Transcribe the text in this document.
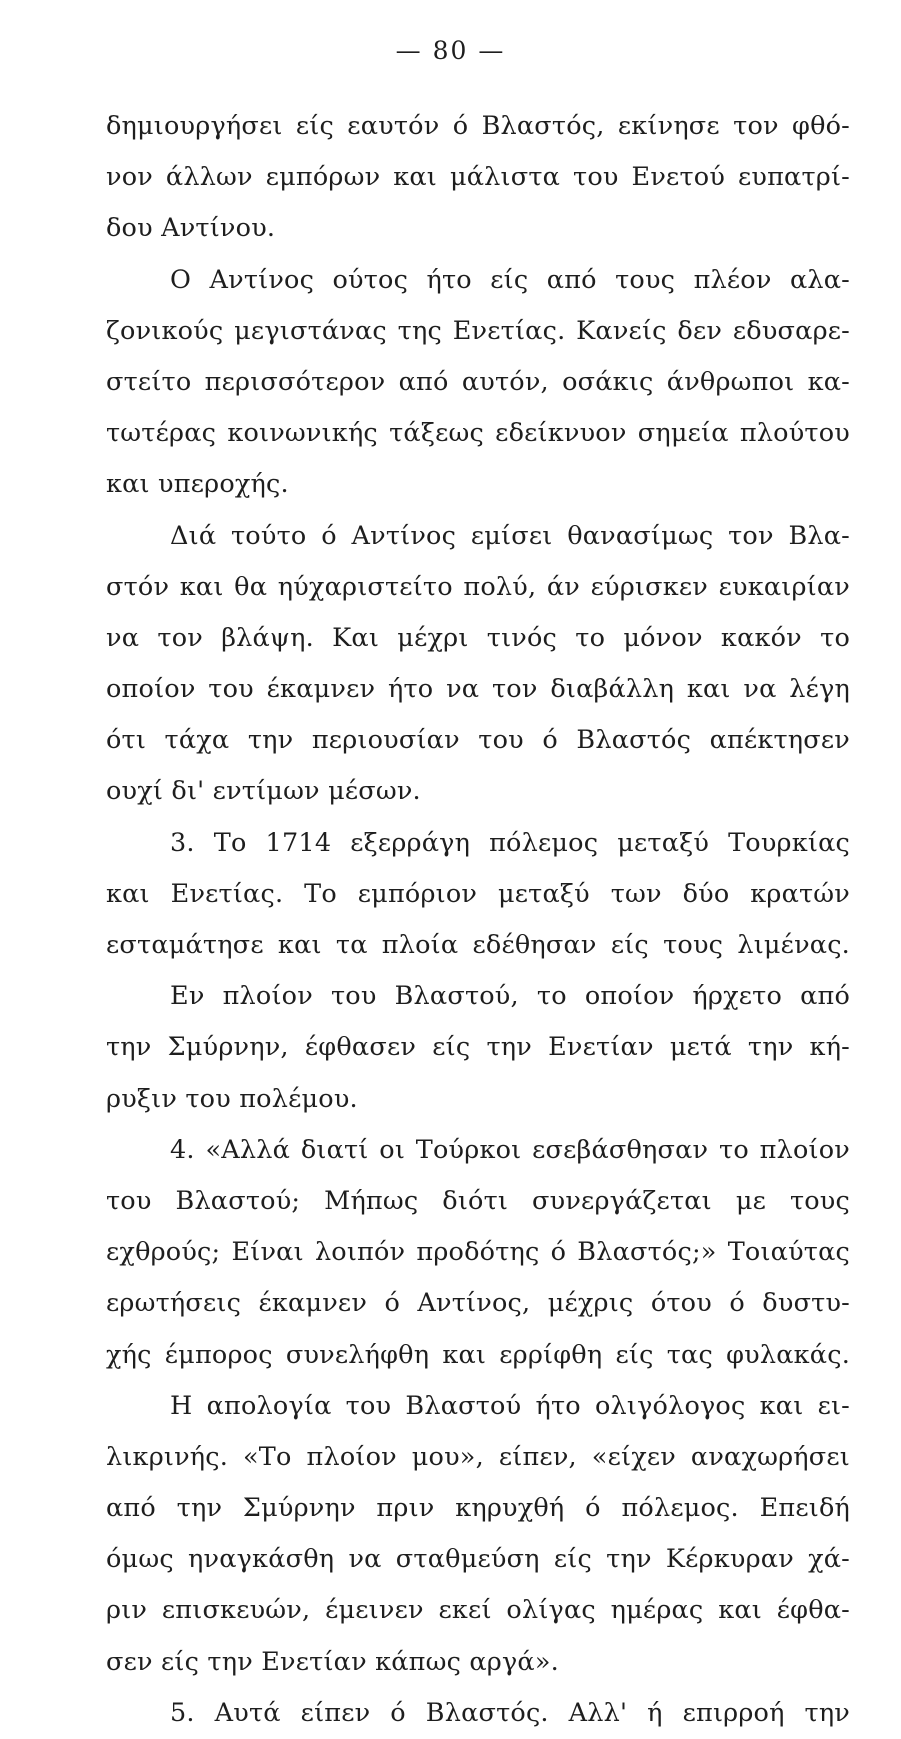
— 80 —
δημιουργήσει είς εαυτόν ό Βλαστός, εκίνησε τον φθό-
νον άλλων εμπόρων και μάλιστα του Ενετού ευπατρί-
δου Αντίνου.
Ο Αντίνος ούτος ήτο είς από τους πλέον αλα-
ζονικούς μεγιστάνας της Ενετίας. Κανείς δεν εδυσαρε-
στείτο περισσότερον από αυτόν, οσάκις άνθρωποι κα-
τωτέρας κοινωνικής τάξεως εδείκνυον σημεία πλούτου
και υπεροχής.
Διά τούτο ό Αντίνος εμίσει θανασίμως τον Βλα-
στόν και θα ηύχαριστείτο πολύ, άν εύρισκεν ευκαιρίαν
να τον βλάψη. Και μέχρι τινός το μόνον κακόν το
οποίον του έκαμνεν ήτο να τον διαβάλλη και να λέγη
ότι τάχα την περιουσίαν του ό Βλαστός απέκτησεν
ουχί δι' εντίμων μέσων.
3. Το 1714 εξερράγη πόλεμος μεταξύ Τουρκίας
και Ενετίας. Το εμπόριον μεταξύ των δύο κρατών
εσταμάτησε και τα πλοία εδέθησαν είς τους λιμένας.
Εν πλοίον του Βλαστού, το οποίον ήρχετο από
την Σμύρνην, έφθασεν είς την Ενετίαν μετά την κή-
ρυξιν του πολέμου.
4. «Αλλά διατί οι Τούρκοι εσεβάσθησαν το πλοίον
του Βλαστού; Μήπως διότι συνεργάζεται με τους
εχθρούς; Είναι λοιπόν προδότης ό Βλαστός;» Τοιαύτας
ερωτήσεις έκαμνεν ό Αντίνος, μέχρις ότου ό δυστυ-
χής έμπορος συνελήφθη και ερρίφθη είς τας φυλακάς.
Η απολογία του Βλαστού ήτο ολιγόλογος και ει-
λικρινής. «Το πλοίον μου», είπεν, «είχεν αναχωρήσει
από την Σμύρνην πριν κηρυχθή ό πόλεμος. Επειδή
όμως ηναγκάσθη να σταθμεύση είς την Κέρκυραν χά-
ριν επισκευών, έμεινεν εκεί ολίγας ημέρας και έφθα-
σεν είς την Ενετίαν κάπως αργά».
5. Αυτά είπεν ό Βλαστός. Αλλ' ή επιρροή την
